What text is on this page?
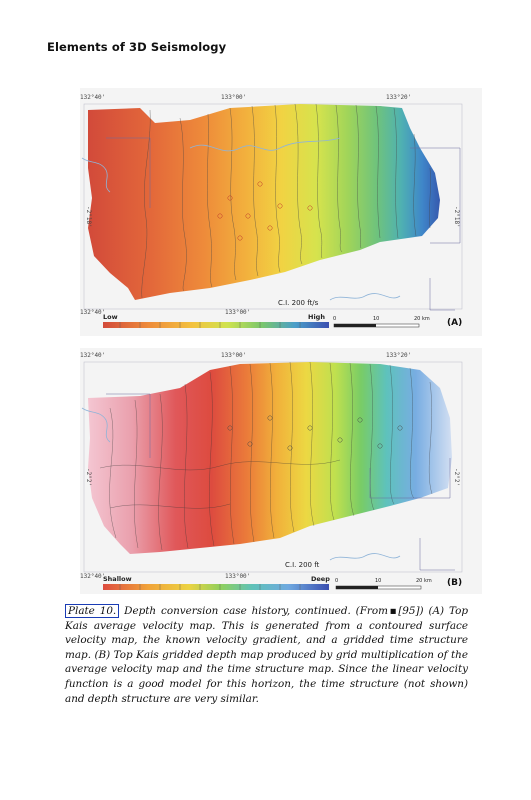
Elements of 3D Seismology
132°40'	133°00'	133°20'
132°40'	133°00'
-2°18'	-2°18'
C.I. 200 ft/s
Low	High 0	10	20 km (A)
132°40'	133°00'	133°20'
132°40'	133°00'
-2°2'	-2°2'
C.I. 200 ft
Shallow	Deep 0	10	20 km (B)
Plate 10. Depth conversion case history, continued. (From▪[95]) (A) Top Kais average velocity map. This is generated from a contoured surface velocity map, the known velocity gradient, and a gridded time structure map. (B) Top Kais gridded depth map produced by grid multiplication of the average velocity map and the time structure map. Since the linear velocity function is a good model for this horizon, the time structure (not shown) and depth structure are very similar.
